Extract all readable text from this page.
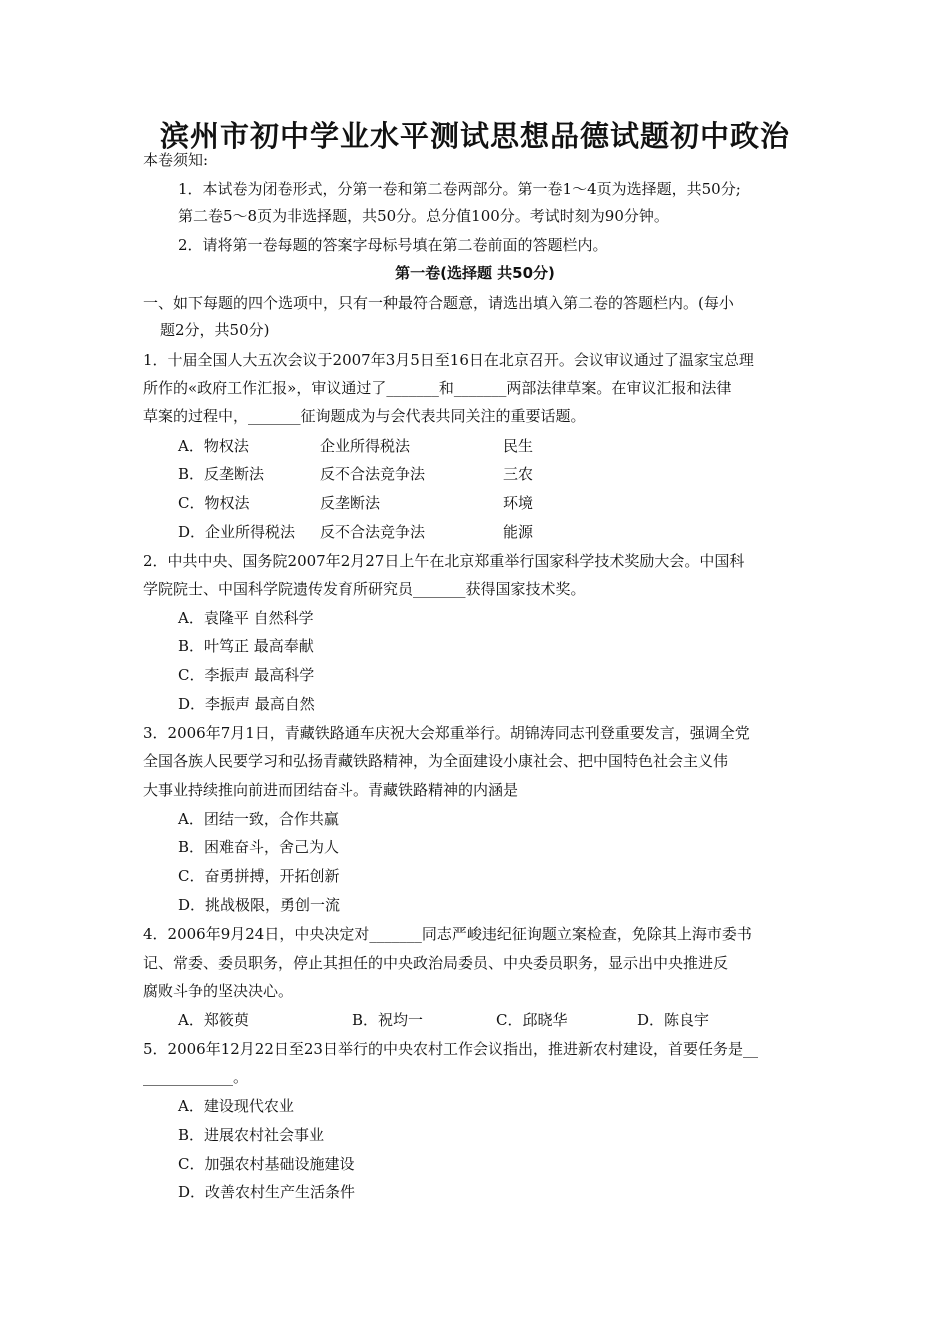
滨州市初中学业水平测试思想品德试题初中政治
本卷须知:
1．本试卷为闭卷形式，分第一卷和第二卷两部分。第一卷1～4页为选择题，共50分;
第二卷5～8页为非选择题，共50分。总分值100分。考试时刻为90分钟。
2．请将第一卷每题的答案字母标号填在第二卷前面的答题栏内。
第一卷(选择题 共50分)
一、如下每题的四个选项中，只有一种最符合题意，请选出填入第二卷的答题栏内。(每小
题2分，共50分)
1．十届全国人大五次会议于2007年3月5日至16日在北京召开。会议审议通过了温家宝总理
所作的«政府工作汇报»，审议通过了_______和_______两部法律草案。在审议汇报和法律
草案的过程中，_______征询题成为与会代表共同关注的重要话题。
A．物权法	企业所得税法	民生
B．反垄断法	反不合法竞争法	三农
C．物权法	反垄断法	环境
D．企业所得税法 反不合法竞争法	能源
2．中共中央、国务院2007年2月27日上午在北京郑重举行国家科学技术奖励大会。中国科
学院院士、中国科学院遗传发育所研究员_______获得国家技术奖。
A．袁隆平 自然科学
B．叶笃正 最高奉献
C．李振声 最高科学
D．李振声 最高自然
3．2006年7月1日，青藏铁路通车庆祝大会郑重举行。胡锦涛同志刊登重要发言，强调全党
全国各族人民要学习和弘扬青藏铁路精神，为全面建设小康社会、把中国特色社会主义伟
大事业持续推向前进而团结奋斗。青藏铁路精神的内涵是
A．团结一致，合作共赢
B．困难奋斗，舍己为人
C．奋勇拼搏，开拓创新
D．挑战极限，勇创一流
4．2006年9月24日，中央决定对_______同志严峻违纪征询题立案检查，免除其上海市委书
记、常委、委员职务，停止其担任的中央政治局委员、中央委员职务，显示出中央推进反
腐败斗争的坚决决心。
A．郑筱萸	B．祝均一	C．邱晓华	D．陈良宇
5．2006年12月22日至23日举行的中央农村工作会议指出，推进新农村建设，首要任务是__
____________。
A．建设现代农业
B．进展农村社会事业
C．加强农村基础设施建设
D．改善农村生产生活条件
